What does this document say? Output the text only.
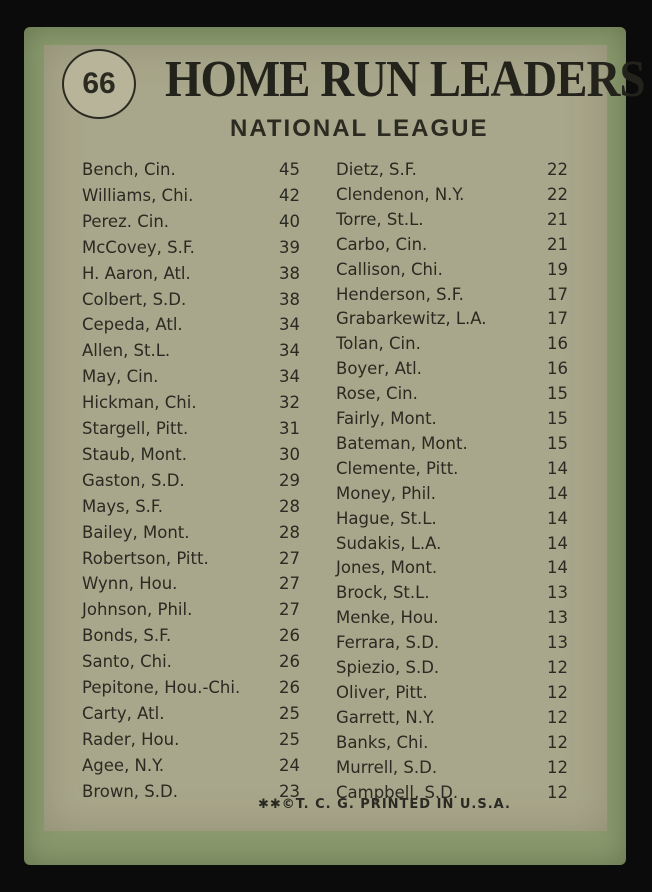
66 HOME RUN LEADERS
NATIONAL LEAGUE
Bench, Cin.	45
Williams, Chi.	42
Perez. Cin.	40
McCovey, S.F.	39
H. Aaron, Atl.	38
Colbert, S.D.	38
Cepeda, Atl.	34
Allen, St.L.	34
May, Cin.	34
Hickman, Chi.	32
Stargell, Pitt.	31
Staub, Mont.	30
Gaston, S.D.	29
Mays, S.F.	28
Bailey, Mont.	28
Robertson, Pitt.	27
Wynn, Hou.	27
Johnson, Phil.	27
Bonds, S.F.	26
Santo, Chi.	26
Pepitone, Hou.-Chi.	26
Carty, Atl.	25
Rader, Hou.	25
Agee, N.Y.	24
Brown, S.D.	23
Dietz, S.F.	22
Clendenon, N.Y.	22
Torre, St.L.	21
Carbo, Cin.	21
Callison, Chi.	19
Henderson, S.F.	17
Grabarkewitz, L.A.	17
Tolan, Cin.	16
Boyer, Atl.	16
Rose, Cin.	15
Fairly, Mont.	15
Bateman, Mont.	15
Clemente, Pitt.	14
Money, Phil.	14
Hague, St.L.	14
Sudakis, L.A.	14
Jones, Mont.	14
Brock, St.L.	13
Menke, Hou.	13
Ferrara, S.D.	13
Spiezio, S.D.	12
Oliver, Pitt.	12
Garrett, N.Y.	12
Banks, Chi.	12
Murrell, S.D.	12
Campbell, S.D.	12
✱✱©T. C. G. PRINTED IN U.S.A.
